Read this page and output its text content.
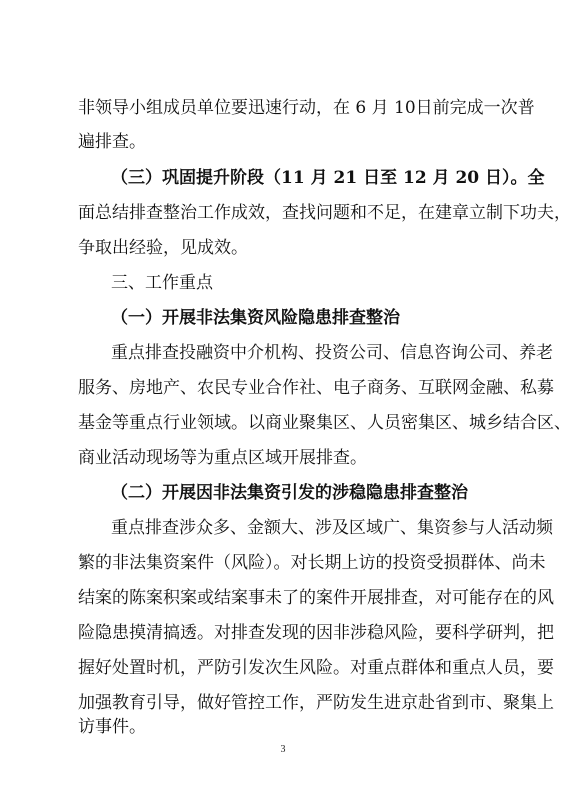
非领导小组成员单位要迅速行动，在 6 月 10日前完成一次普
遍排查。
（三）巩固提升阶段（11 月 21 日至 12 月 20 日）。全
面总结排查整治工作成效，查找问题和不足，在建章立制下功夫，
争取出经验，见成效。
三、工作重点
（一）开展非法集资风险隐患排查整治
重点排查投融资中介机构、投资公司、信息咨询公司、养老
服务、房地产、农民专业合作社、电子商务、互联网金融、私募
基金等重点行业领域。以商业聚集区、人员密集区、城乡结合区、
商业活动现场等为重点区域开展排查。
（二）开展因非法集资引发的涉稳隐患排查整治
重点排查涉众多、金额大、涉及区域广、集资参与人活动频
繁的非法集资案件（风险）。对长期上访的投资受损群体、尚未
结案的陈案积案或结案事未了的案件开展排查，对可能存在的风
险隐患摸清搞透。对排查发现的因非涉稳风险，要科学研判，把
握好处置时机，严防引发次生风险。对重点群体和重点人员，要
加强教育引导，做好管控工作，严防发生进京赴省到市、聚集上
访事件。
3
